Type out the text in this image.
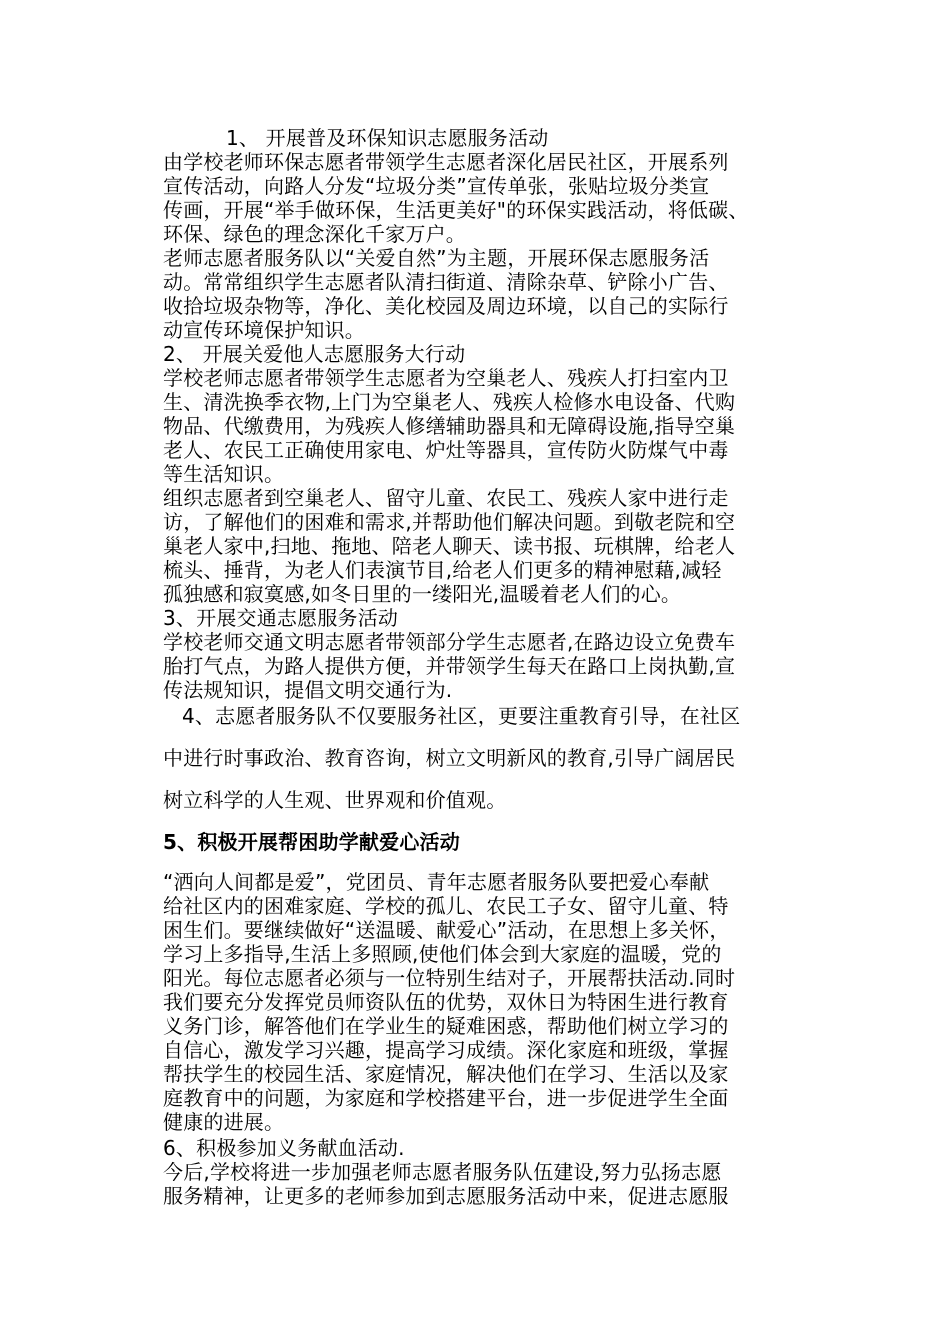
1、 开展普及环保知识志愿服务活动

由学校老师环保志愿者带领学生志愿者深化居民社区，开展系列

宣传活动，向路人分发“垃圾分类”宣传单张，张贴垃圾分类宣

传画，开展“举手做环保，生活更美好"的环保实践活动，将低碳、

环保、绿色的理念深化千家万户。

老师志愿者服务队以“关爱自然”为主题，开展环保志愿服务活

动。常常组织学生志愿者队清扫街道、清除杂草、铲除小广告、

收拾垃圾杂物等，净化、美化校园及周边环境，以自己的实际行

动宣传环境保护知识。

2、 开展关爱他人志愿服务大行动

学校老师志愿者带领学生志愿者为空巢老人、残疾人打扫室内卫

生、清洗换季衣物,上门为空巢老人、残疾人检修水电设备、代购

物品、代缴费用，为残疾人修缮辅助器具和无障碍设施,指导空巢

老人、农民工正确使用家电、炉灶等器具，宣传防火防煤气中毒

等生活知识。

组织志愿者到空巢老人、留守儿童、农民工、残疾人家中进行走

访，了解他们的困难和需求,并帮助他们解决问题。到敬老院和空

巢老人家中,扫地、拖地、陪老人聊天、读书报、玩棋牌，给老人

梳头、捶背，为老人们表演节目,给老人们更多的精神慰藉,减轻

孤独感和寂寞感,如冬日里的一缕阳光,温暖着老人们的心。

3、开展交通志愿服务活动

学校老师交通文明志愿者带领部分学生志愿者,在路边设立免费车

胎打气点，为路人提供方便，并带领学生每天在路口上岗执勤,宣

传法规知识，提倡文明交通行为.

4、志愿者服务队不仅要服务社区，更要注重教育引导，在社区

中进行时事政治、教育咨询，树立文明新风的教育,引导广阔居民

树立科学的人生观、世界观和价值观。

5、积极开展帮困助学献爱心活动

“洒向人间都是爱”，党团员、青年志愿者服务队要把爱心奉献

给社区内的困难家庭、学校的孤儿、农民工子女、留守儿童、特

困生们。要继续做好“送温暖、献爱心”活动，在思想上多关怀，

学习上多指导,生活上多照顾,使他们体会到大家庭的温暖，党的

阳光。每位志愿者必须与一位特别生结对子，开展帮扶活动.同时

我们要充分发挥党员师资队伍的优势，双休日为特困生进行教育

义务门诊，解答他们在学业生的疑难困惑，帮助他们树立学习的

自信心，激发学习兴趣，提高学习成绩。深化家庭和班级，掌握

帮扶学生的校园生活、家庭情况，解决他们在学习、生活以及家

庭教育中的问题，为家庭和学校搭建平台，进一步促进学生全面

健康的进展。

6、积极参加义务献血活动.

今后,学校将进一步加强老师志愿者服务队伍建设,努力弘扬志愿

服务精神，让更多的老师参加到志愿服务活动中来，促进志愿服
